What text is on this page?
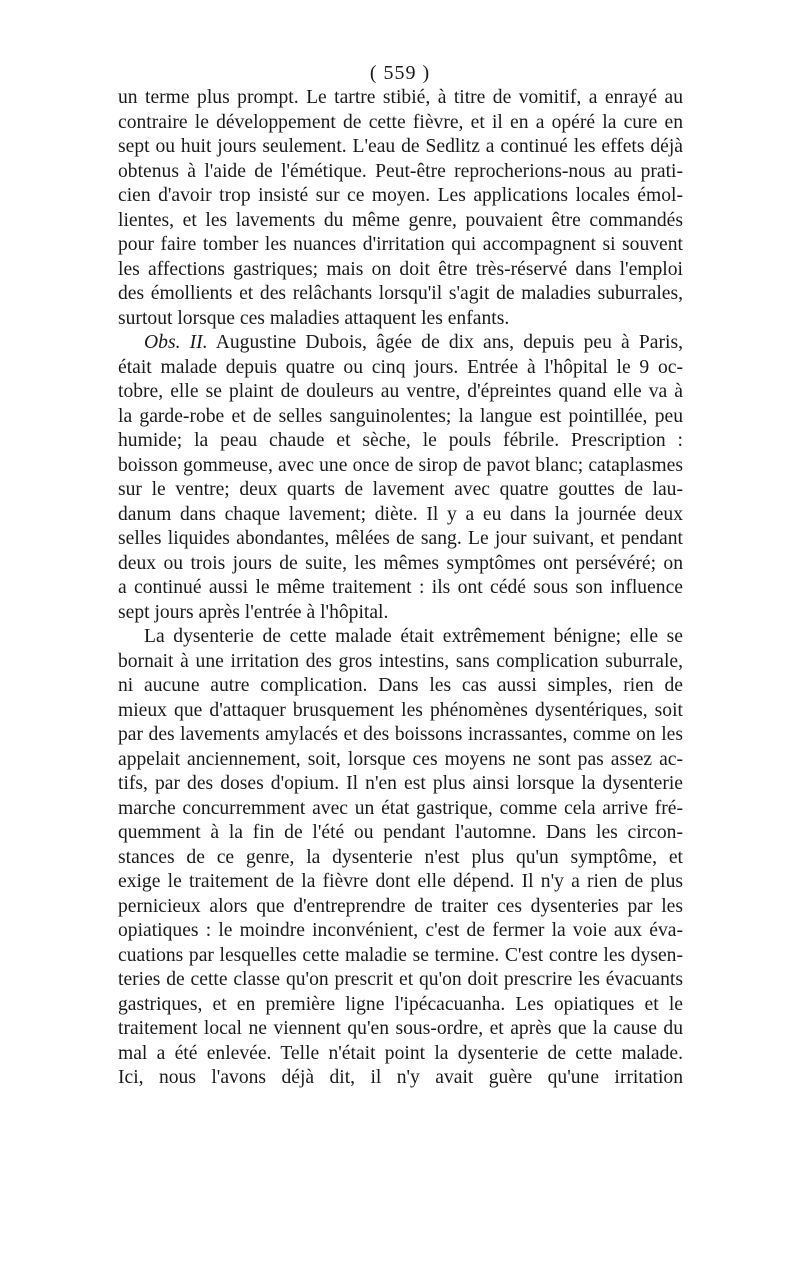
( 559 )
un terme plus prompt. Le tartre stibié, à titre de vomitif, a enrayé au
contraire le développement de cette fièvre, et il en a opéré la cure en
sept ou huit jours seulement. L'eau de Sedlitz a continué les effets déjà
obtenus à l'aide de l'émétique. Peut-être reprocherions-nous au prati-
cien d'avoir trop insisté sur ce moyen. Les applications locales émol-
lientes, et les lavements du même genre, pouvaient être commandés
pour faire tomber les nuances d'irritation qui accompagnent si souvent
les affections gastriques; mais on doit être très-réservé dans l'emploi
des émollients et des relâchants lorsqu'il s'agit de maladies suburrales,
surtout lorsque ces maladies attaquent les enfants.
Obs. II. Augustine Dubois, âgée de dix ans, depuis peu à Paris,
était malade depuis quatre ou cinq jours. Entrée à l'hôpital le 9 oc-
tobre, elle se plaint de douleurs au ventre, d'épreintes quand elle va à
la garde-robe et de selles sanguinolentes; la langue est pointillée, peu
humide; la peau chaude et sèche, le pouls fébrile. Prescription :
boisson gommeuse, avec une once de sirop de pavot blanc; cataplasmes
sur le ventre; deux quarts de lavement avec quatre gouttes de lau-
danum dans chaque lavement; diète. Il y a eu dans la journée deux
selles liquides abondantes, mêlées de sang. Le jour suivant, et pendant
deux ou trois jours de suite, les mêmes symptômes ont persévéré; on
a continué aussi le même traitement : ils ont cédé sous son influence
sept jours après l'entrée à l'hôpital.
La dysenterie de cette malade était extrêmement bénigne; elle se
bornait à une irritation des gros intestins, sans complication suburrale,
ni aucune autre complication. Dans les cas aussi simples, rien de
mieux que d'attaquer brusquement les phénomènes dysentériques, soit
par des lavements amylacés et des boissons incrassantes, comme on les
appelait anciennement, soit, lorsque ces moyens ne sont pas assez ac-
tifs, par des doses d'opium. Il n'en est plus ainsi lorsque la dysenterie
marche concurremment avec un état gastrique, comme cela arrive fré-
quemment à la fin de l'été ou pendant l'automne. Dans les circon-
stances de ce genre, la dysenterie n'est plus qu'un symptôme, et
exige le traitement de la fièvre dont elle dépend. Il n'y a rien de plus
pernicieux alors que d'entreprendre de traiter ces dysenteries par les
opiatiques : le moindre inconvénient, c'est de fermer la voie aux éva-
cuations par lesquelles cette maladie se termine. C'est contre les dysen-
teries de cette classe qu'on prescrit et qu'on doit prescrire les évacuants
gastriques, et en première ligne l'ipécacuanha. Les opiatiques et le
traitement local ne viennent qu'en sous-ordre, et après que la cause du
mal a été enlevée. Telle n'était point la dysenterie de cette malade.
Ici, nous l'avons déjà dit, il n'y avait guère qu'une irritation
